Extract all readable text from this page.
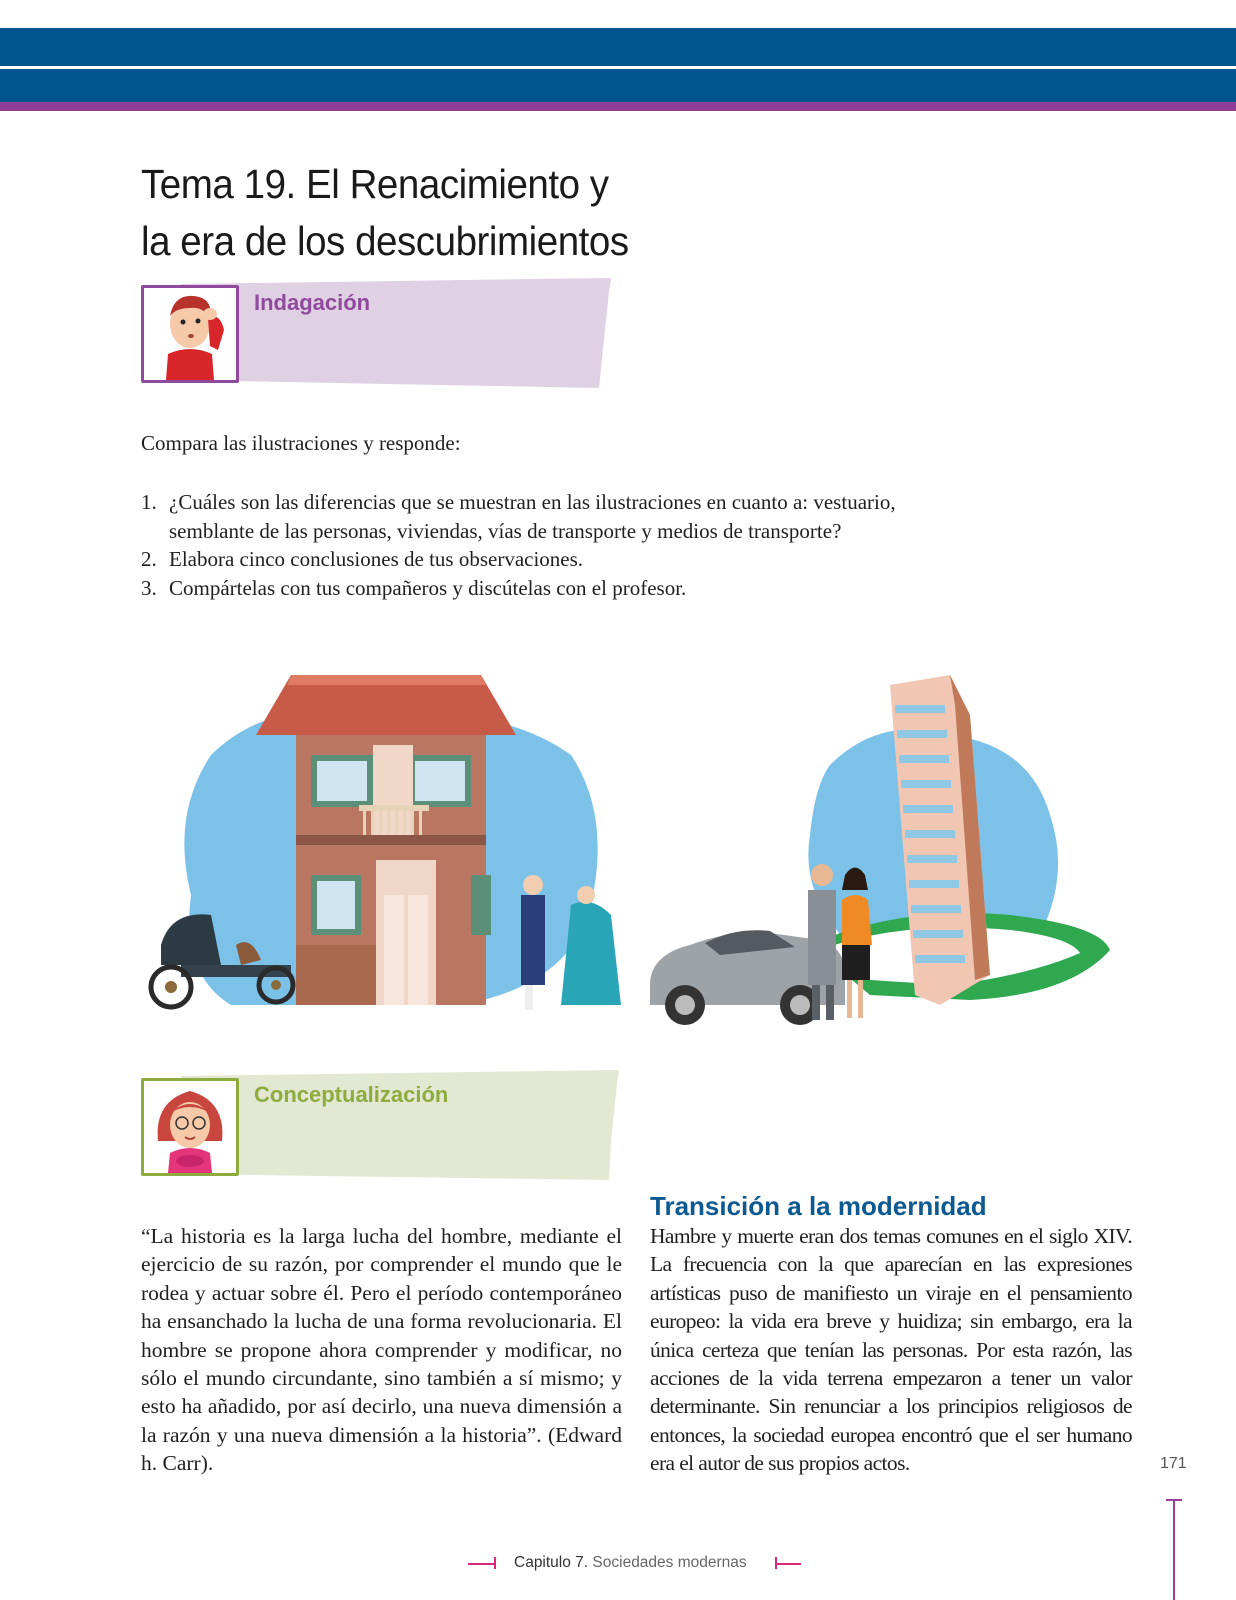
Tema 19. El Renacimiento y
la era de los descubrimientos
Indagación

Compara las ilustraciones y responde:

1. ¿Cuáles son las diferencias que se muestran en las ilustraciones en cuanto a: vestuario, semblante de las personas, viviendas, vías de transporte y medios de transporte?
2. Elabora cinco conclusiones de tus observaciones.
3. Compártelas con tus compañeros y discútelas con el profesor.
Conceptualización

“La historia es la larga lucha del hombre, mediante el ejercicio de su razón, por comprender el mundo que le rodea y actuar sobre él. Pero el período contemporáneo ha ensanchado la lucha de una forma revolucionaria. El hombre se propone ahora comprender y modificar, no sólo el mundo circundante, sino también a sí mismo; y esto ha añadido, por así decirlo, una nueva dimensión a la razón y una nueva dimensión a la historia”. (Edward h. Carr).

Transición a la modernidad

Hambre y muerte eran dos temas comunes en el siglo XIV. La frecuencia con la que aparecían en las expresiones artísticas puso de manifiesto un viraje en el pensamiento europeo: la vida era breve y huidiza; sin embargo, era la única certeza que tenían las personas. Por esta razón, las acciones de la vida terrena empezaron a tener un valor determinante. Sin renunciar a los principios religiosos de entonces, la sociedad europea encontró que el ser humano era el autor de sus propios actos.	171
Capitulo 7. Sociedades modernas
